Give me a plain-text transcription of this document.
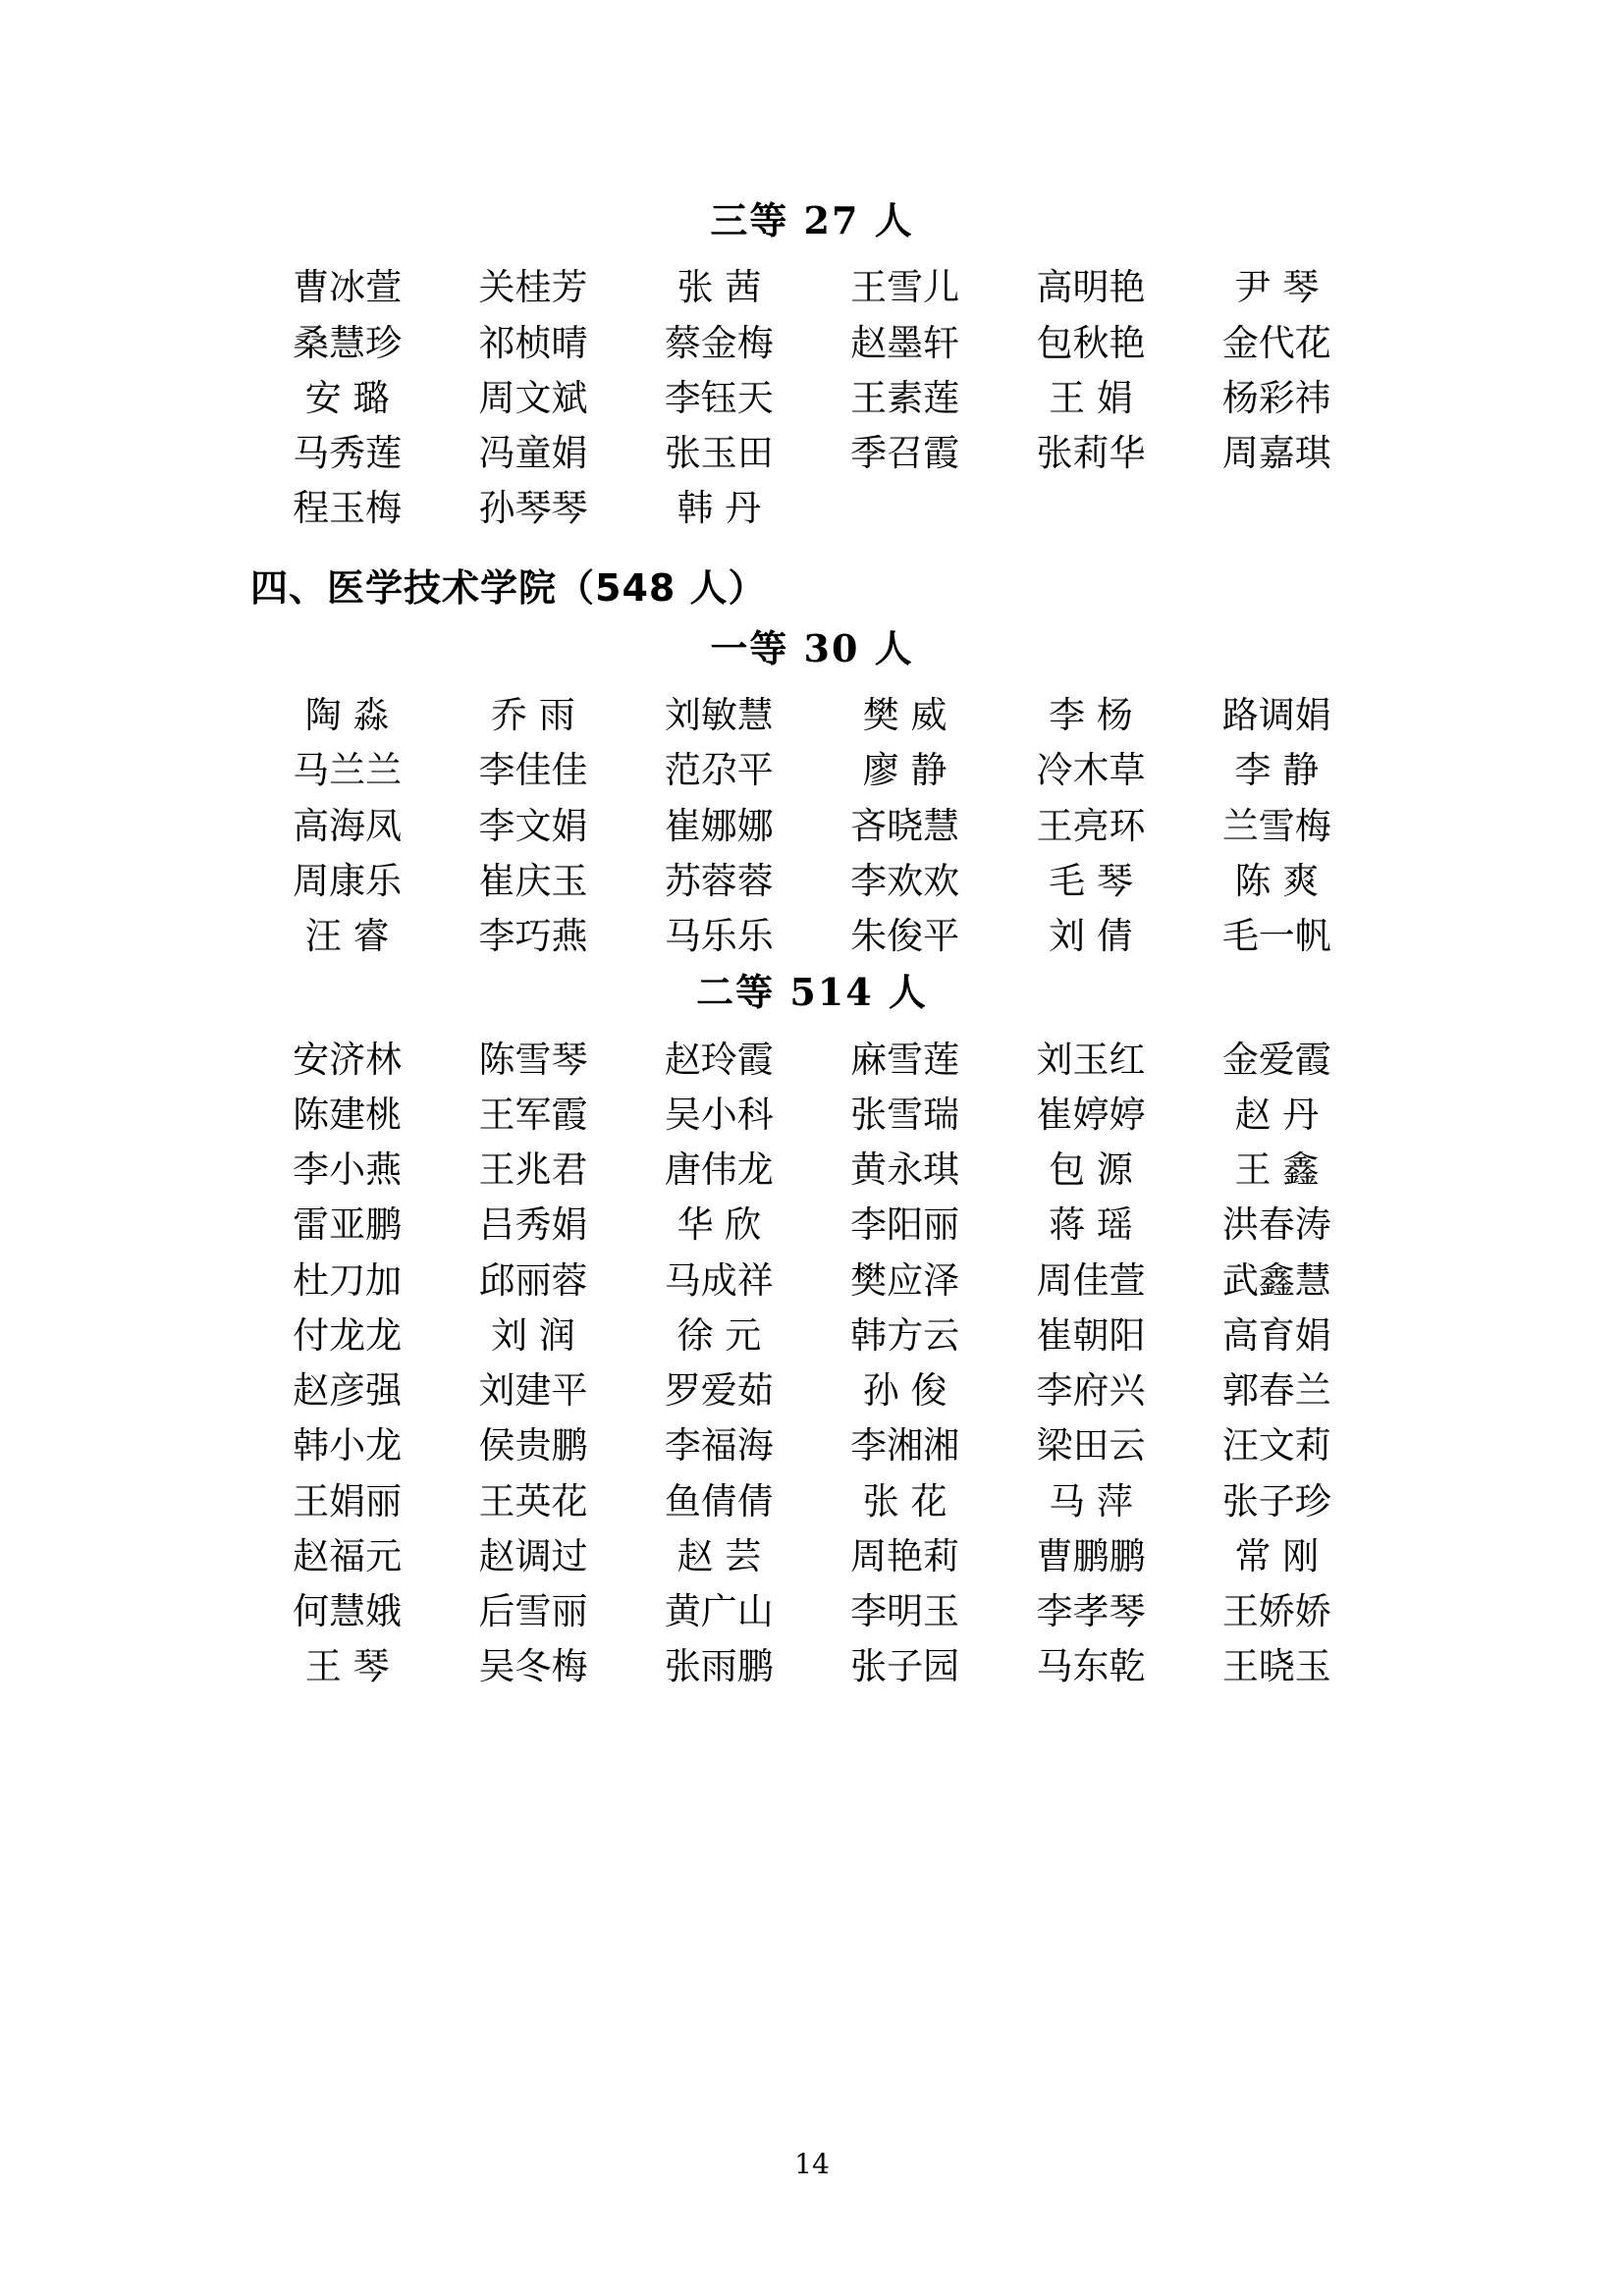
三等 27 人
曹冰萱	关桂芳	张 茜	王雪儿	高明艳	尹 琴
桑慧珍	祁桢晴	蔡金梅	赵墨轩	包秋艳	金代花
安 璐	周文斌	李钰天	王素莲	王 娟	杨彩祎
马秀莲	冯童娟	张玉田	季召霞	张莉华	周嘉琪
程玉梅	孙琴琴	韩 丹
四、医学技术学院（548 人）
一等 30 人
陶 淼	乔 雨	刘敏慧	樊 威	李 杨	路调娟
马兰兰	李佳佳	范尕平	廖 静	冷木草	李 静
高海凤	李文娟	崔娜娜	吝晓慧	王亮环	兰雪梅
周康乐	崔庆玉	苏蓉蓉	李欢欢	毛 琴	陈 爽
汪 睿	李巧燕	马乐乐	朱俊平	刘 倩	毛一帆
二等 514 人
安济林	陈雪琴	赵玲霞	麻雪莲	刘玉红	金爱霞
陈建桃	王军霞	吴小科	张雪瑞	崔婷婷	赵 丹
李小燕	王兆君	唐伟龙	黄永琪	包 源	王 鑫
雷亚鹏	吕秀娟	华 欣	李阳丽	蒋 瑶	洪春涛
杜刀加	邱丽蓉	马成祥	樊应泽	周佳萱	武鑫慧
付龙龙	刘 润	徐 元	韩方云	崔朝阳	高育娟
赵彦强	刘建平	罗爱茹	孙 俊	李府兴	郭春兰
韩小龙	侯贵鹏	李福海	李湘湘	梁田云	汪文莉
王娟丽	王英花	鱼倩倩	张 花	马 萍	张子珍
赵福元	赵调过	赵 芸	周艳莉	曹鹏鹏	常 刚
何慧娥	后雪丽	黄广山	李明玉	李孝琴	王娇娇
王 琴	吴冬梅	张雨鹏	张子园	马东乾	王晓玉
14
